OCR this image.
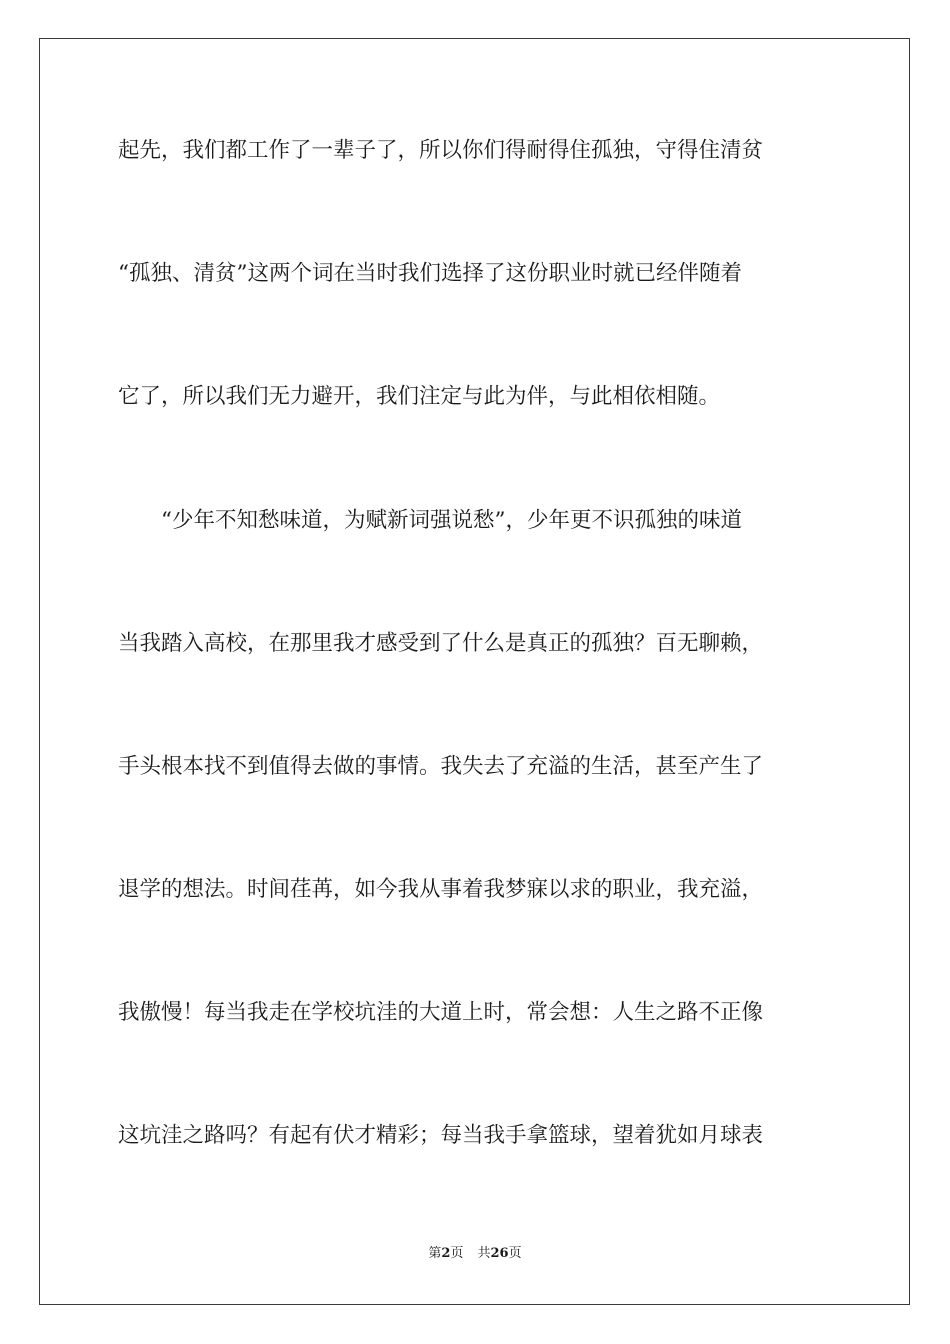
起先，我们都工作了一辈子了，所以你们得耐得住孤独，守得住清贫
“孤独、清贫”这两个词在当时我们选择了这份职业时就已经伴随着
它了，所以我们无力避开，我们注定与此为伴，与此相依相随。
“少年不知愁味道，为赋新词强说愁”，少年更不识孤独的味道
当我踏入高校，在那里我才感受到了什么是真正的孤独？百无聊赖，
手头根本找不到值得去做的事情。我失去了充溢的生活，甚至产生了
退学的想法。时间荏苒，如今我从事着我梦寐以求的职业，我充溢，
我傲慢！每当我走在学校坑洼的大道上时，常会想：人生之路不正像
这坑洼之路吗？有起有伏才精彩；每当我手拿篮球，望着犹如月球表
第2页 共26页
